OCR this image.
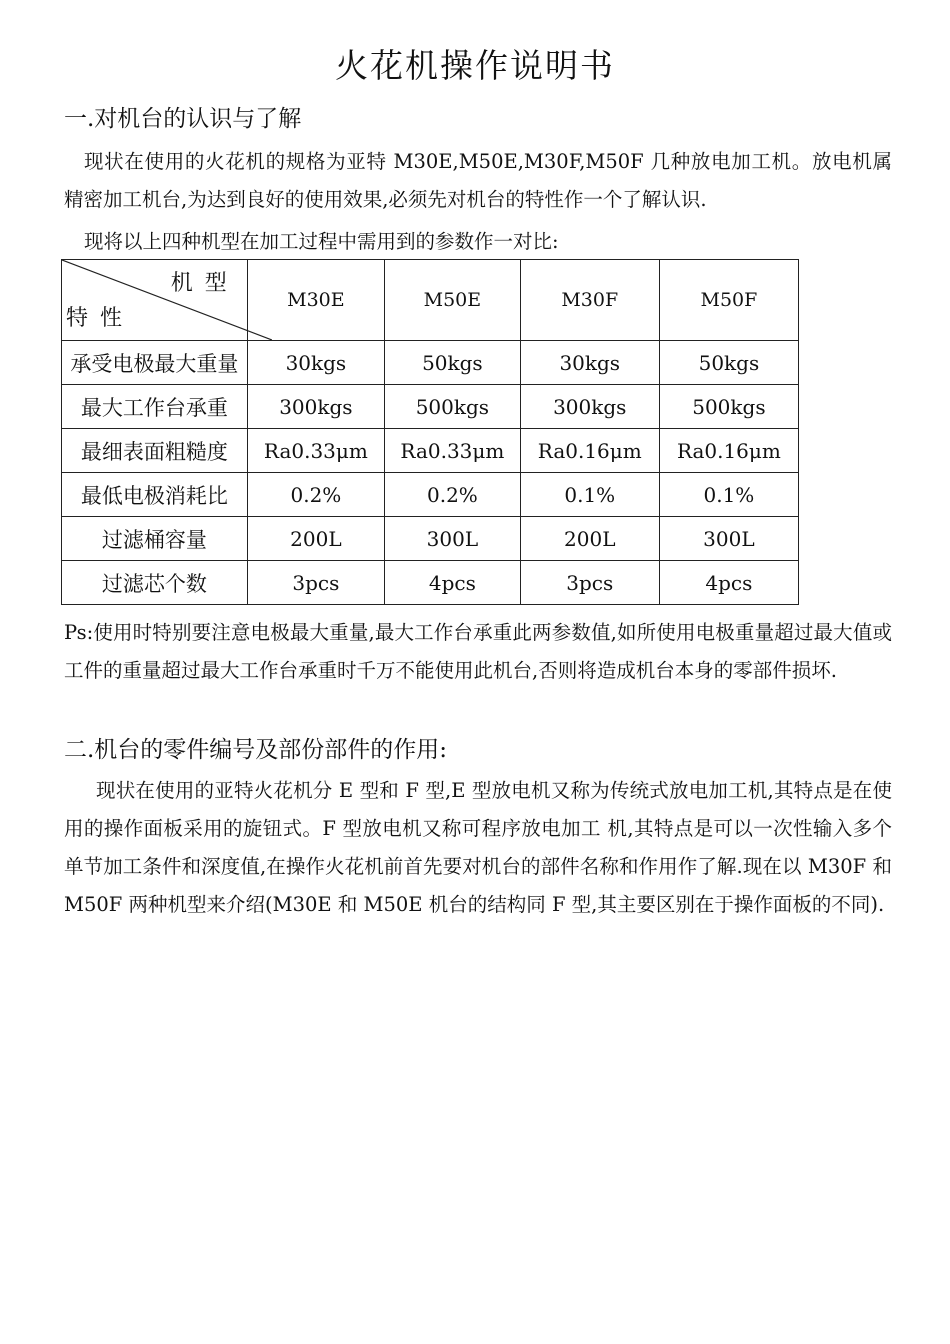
火花机操作说明书
一.对机台的认识与了解
现状在使用的火花机的规格为亚特 M30E,M50E,M30F,M50F 几种放电加工机。放电机属精密加工机台,为达到良好的使用效果,必须先对机台的特性作一个了解认识.
现将以上四种机型在加工过程中需用到的参数作一对比:
机型
特性	M30E	M50E	M30F	M50F
承受电极最大重量	30kgs	50kgs	30kgs	50kgs
最大工作台承重	300kgs	500kgs	300kgs	500kgs
最细表面粗糙度	Ra0.33μm	Ra0.33μm	Ra0.16μm	Ra0.16μm
最低电极消耗比	0.2%	0.2%	0.1%	0.1%
过滤桶容量	200L	300L	200L	300L
过滤芯个数	3pcs	4pcs	3pcs	4pcs
Ps:使用时特别要注意电极最大重量,最大工作台承重此两参数值,如所使用电极重量超过最大值或工件的重量超过最大工作台承重时千万不能使用此机台,否则将造成机台本身的零部件损坏.
二.机台的零件编号及部份部件的作用:
现状在使用的亚特火花机分 E 型和 F 型,E 型放电机又称为传统式放电加工机,其特点是在使用的操作面板采用的旋钮式。F 型放电机又称可程序放电加工 机,其特点是可以一次性输入多个单节加工条件和深度值,在操作火花机前首先要对机台的部件名称和作用作了解.现在以 M30F 和 M50F 两种机型来介绍(M30E 和 M50E 机台的结构同 F 型,其主要区别在于操作面板的不同).
